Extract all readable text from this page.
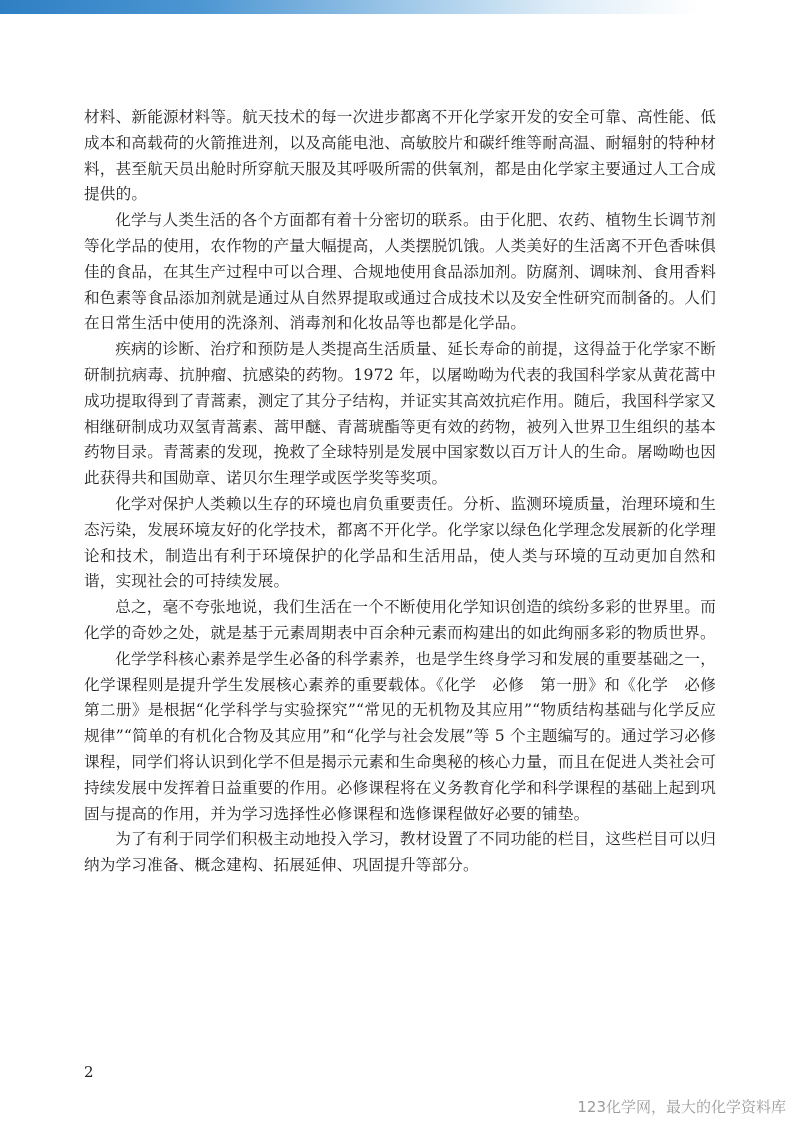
材料、新能源材料等。航天技术的每一次进步都离不开化学家开发的安全可靠、高性能、低成本和高载荷的火箭推进剂，以及高能电池、高敏胶片和碳纤维等耐高温、耐辐射的特种材料，甚至航天员出舱时所穿航天服及其呼吸所需的供氧剂，都是由化学家主要通过人工合成提供的。

化学与人类生活的各个方面都有着十分密切的联系。由于化肥、农药、植物生长调节剂等化学品的使用，农作物的产量大幅提高，人类摆脱饥饿。人类美好的生活离不开色香味俱佳的食品，在其生产过程中可以合理、合规地使用食品添加剂。防腐剂、调味剂、食用香料和色素等食品添加剂就是通过从自然界提取或通过合成技术以及安全性研究而制备的。人们在日常生活中使用的洗涤剂、消毒剂和化妆品等也都是化学品。

疾病的诊断、治疗和预防是人类提高生活质量、延长寿命的前提，这得益于化学家不断研制抗病毒、抗肿瘤、抗感染的药物。1972 年，以屠呦呦为代表的我国科学家从黄花蒿中成功提取得到了青蒿素，测定了其分子结构，并证实其高效抗疟作用。随后，我国科学家又相继研制成功双氢青蒿素、蒿甲醚、青蒿琥酯等更有效的药物，被列入世界卫生组织的基本药物目录。青蒿素的发现，挽救了全球特别是发展中国家数以百万计人的生命。屠呦呦也因此获得共和国勋章、诺贝尔生理学或医学奖等奖项。

化学对保护人类赖以生存的环境也肩负重要责任。分析、监测环境质量，治理环境和生态污染，发展环境友好的化学技术，都离不开化学。化学家以绿色化学理念发展新的化学理论和技术，制造出有利于环境保护的化学品和生活用品，使人类与环境的互动更加自然和谐，实现社会的可持续发展。

总之，毫不夸张地说，我们生活在一个不断使用化学知识创造的缤纷多彩的世界里。而化学的奇妙之处，就是基于元素周期表中百余种元素而构建出的如此绚丽多彩的物质世界。

化学学科核心素养是学生必备的科学素养，也是学生终身学习和发展的重要基础之一，化学课程则是提升学生发展核心素养的重要载体。《化学　必修　第一册》和《化学　必修　第二册》是根据“化学科学与实验探究”“常见的无机物及其应用”“物质结构基础与化学反应规律”“简单的有机化合物及其应用”和“化学与社会发展”等 5 个主题编写的。通过学习必修课程，同学们将认识到化学不但是揭示元素和生命奥秘的核心力量，而且在促进人类社会可持续发展中发挥着日益重要的作用。必修课程将在义务教育化学和科学课程的基础上起到巩固与提高的作用，并为学习选择性必修课程和选修课程做好必要的铺垫。

为了有利于同学们积极主动地投入学习，教材设置了不同功能的栏目，这些栏目可以归纳为学习准备、概念建构、拓展延伸、巩固提升等部分。

2
123化学网，最大的化学资料库
